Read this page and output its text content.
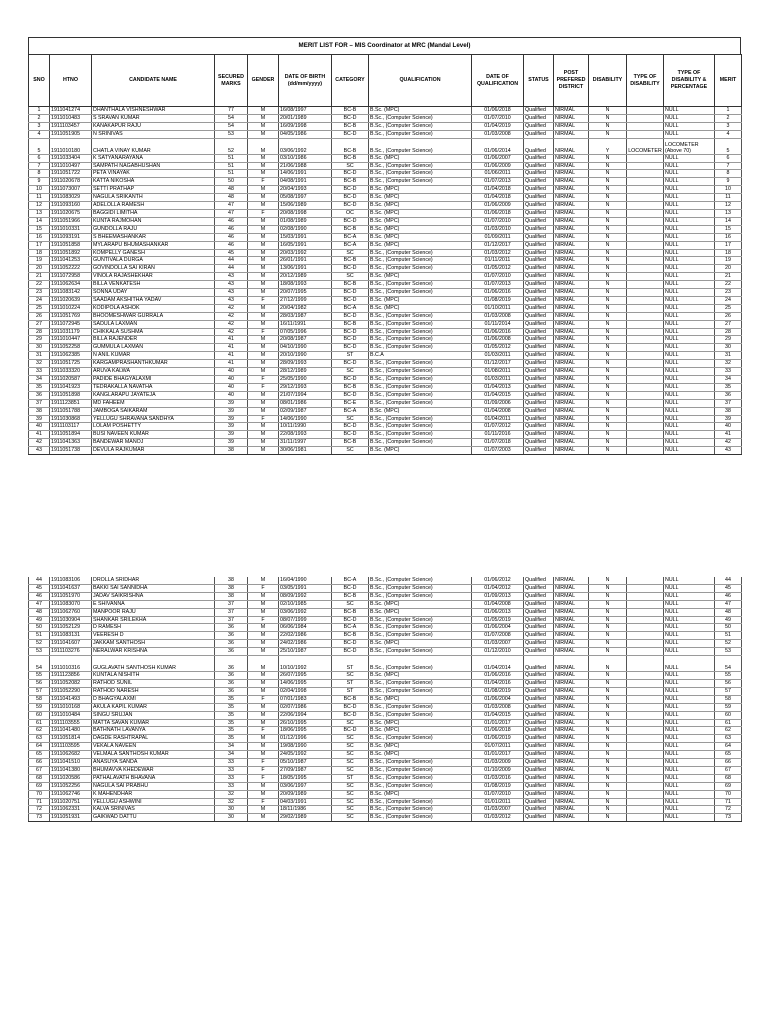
MERIT LIST FOR – MIS Coordinator at MRC (Mandal Level)
SNO	HTNO	CANDIDATE NAME	SECURED MARKS	GENDER	DATE OF BIRTH (dd/mm/yyyy)	CATEGORY	QUALIFICATION	DATE OF QUALIFICATION	STATUS	POST PREFERED DISTRICT	DISABILITY	TYPE OF DISABILITY	TYPE OF DISABILITY & PERCENTAGE	MERIT
1	1911041274	DHANTHALA VISHNESHWAR	77	M	16/08/1997	BC-B	B.Sc. (MPC)	01/06/2018	Qualified	NIRMAL	N		NULL	1
2	1911010483	S SRAVAN KUMAR	54	M	20/01/1989	BC-D	B.Sc., (Computer Science)	01/07/2010	Qualified	NIRMAL	N		NULL	2
3	1911103457	KANAKAPUR RAJU	54	M	16/09/1998	BC-B	B.Sc., (Computer Science)	01/04/2019	Qualified	NIRMAL	N		NULL	3
4	1911051905	N SRINIVAS	53	M	04/05/1986	BC-D	B.Sc., (Computer Science)	01/03/2008	Qualified	NIRMAL	N		NULL	4
5	1911010180	CHATLA VINAY KUMAR	52	M	03/06/1992	BC-B	B.Sc., (Computer Science)	01/06/2014	Qualified	NIRMAL	Y	LOCOMETER	LOCOMETER (Above 70)	5
6	1911033404	K SATYANARAYANA	51	M	03/10/1986	BC-B	B.Sc. (MPC)	01/06/2007	Qualified	NIRMAL	N		NULL	6
7	1911010497	SAMPATH NAGABHUSHAN	51	M	21/06/1988	SC	B.Sc., (Computer Science)	01/06/2009	Qualified	NIRMAL	N		NULL	7
8	1911051722	PETA VINAYAK	51	M	14/06/1991	BC-D	B.Sc., (Computer Science)	01/06/2011	Qualified	NIRMAL	N		NULL	8
9	1911020678	KATTA NIKOSHA	50	F	04/08/1991	BC-B	B.Sc., (Computer Science)	01/07/2013	Qualified	NIRMAL	N		NULL	9
10	1911073007	SETTI PRATHAP	48	M	20/04/1993	BC-D	B.Sc. (MPC)	01/04/2018	Qualified	NIRMAL	N		NULL	10
11	1911083029	NAGULA SRIKANTH	48	M	05/08/1997	BC-D	B.Sc. (MPC)	01/04/2018	Qualified	NIRMAL	N		NULL	11
12	1911093160	ADELOLLA RAMESH	47	M	15/06/1989	BC-D	B.Sc. (MPC)	01/06/2009	Qualified	NIRMAL	N		NULL	12
13	1911020675	BAGGIDI LIMITHA	47	F	20/08/1998	OC	B.Sc. (MPC)	01/06/2018	Qualified	NIRMAL	N		NULL	13
14	1911051966	KUNTA RAJMOHAN	46	M	01/08/1989	BC-D	B.Sc. (MPC)	01/07/2010	Qualified	NIRMAL	N		NULL	14
15	1911010331	GUNDOLLA RAJU	46	M	02/08/1990	BC-B	B.Sc. (MPC)	01/03/2010	Qualified	NIRMAL	N		NULL	15
16	1911093191	S BHEEMASHANKAR	46	M	15/03/1991	BC-A	B.Sc. (MPC)	01/09/2011	Qualified	NIRMAL	N		NULL	16
17	1911051858	MYLARAPU BHUMASHANKAR	46	M	16/05/1991	BC-A	B.Sc. (MPC)	01/12/2017	Qualified	NIRMAL	N		NULL	17
18	1911051892	KOMPELLY GANESH	45	M	20/03/1992	SC	B.Sc., (Computer Science)	01/03/2012	Qualified	NIRMAL	N		NULL	18
19	1911041253	GUNTIVALA DURGA	44	M	26/01/1991	BC-B	B.Sc., (Computer Science)	01/11/2011	Qualified	NIRMAL	N		NULL	19
20	1911052222	GOVINDOLLA SAI KIRAN	44	M	13/06/1991	BC-D	B.Sc., (Computer Science)	01/05/2012	Qualified	NIRMAL	N		NULL	20
21	1911072958	VINOLA RAJASHEKHAR	43	M	20/12/1989	SC	B.Sc. (MPC)	01/07/2010	Qualified	NIRMAL	N		NULL	21
22	1911062634	BILLA VENKATESH	43	M	18/08/1993	BC-B	B.Sc., (Computer Science)	01/07/2013	Qualified	NIRMAL	N		NULL	22
23	1911083142	SONNA UDAY	43	M	20/07/1995	BC-D	B.Sc., (Computer Science)	01/06/2016	Qualified	NIRMAL	N		NULL	23
24	1911020639	SAADAM AKSHITHA YADAV	43	F	27/12/1999	BC-D	B.Sc. (MPC)	01/08/2019	Qualified	NIRMAL	N		NULL	24
25	1911010224	KODIPOLA ASHOK	42	M	20/04/1982	BC-A	B.Sc. (MPC)	01/10/2011	Qualified	NIRMAL	N		NULL	25
26	1911051769	BHOOMESHWAR GURRALA	42	M	28/03/1987	BC-D	B.Sc., (Computer Science)	01/03/2008	Qualified	NIRMAL	N		NULL	26
27	1911072945	SADULA LAXMAN	42	M	16/11/1991	BC-B	B.Sc., (Computer Science)	01/11/2014	Qualified	NIRMAL	N		NULL	27
28	1911031179	CHIKKALA SUSHMA	42	F	07/05/1996	BC-D	B.Sc., (Computer Science)	01/06/2016	Qualified	NIRMAL	N		NULL	28
29	1911010447	BILLA RAJENDER	41	M	20/08/1987	BC-D	B.Sc., (Computer Science)	01/06/2008	Qualified	NIRMAL	N		NULL	29
30	1911052258	GUMMULA LAXMAN	41	M	04/10/1990	BC-D	B.Sc., (Computer Science)	01/05/2012	Qualified	NIRMAL	N		NULL	30
31	1911062385	N ANIL KUMAR	41	M	20/10/1990	ST	B.C.A	01/03/2011	Qualified	NIRMAL	N		NULL	31
32	1911051725	KARGAMPRASHANTHKUMAR	41	M	28/09/1993	BC-D	B.Sc., (Computer Science)	01/12/2017	Qualified	NIRMAL	N		NULL	32
33	1911033320	ARUVA KALWA	40	M	28/12/1989	SC	B.Sc., (Computer Science)	01/08/2011	Qualified	NIRMAL	N		NULL	33
34	1911020587	PADIDE BHAGYALAXMI	40	F	25/05/1990	BC-D	B.Sc., (Computer Science)	01/03/2011	Qualified	NIRMAL	N		NULL	34
35	1911041923	TEDRAKALLA NAVATHA	40	F	29/12/1993	BC-B	B.Sc., (Computer Science)	01/04/2013	Qualified	NIRMAL	N		NULL	35
36	1911051898	KANGLARAPU JAYATEJA	40	M	21/07/1994	BC-D	B.Sc., (Computer Science)	01/04/2015	Qualified	NIRMAL	N		NULL	36
37	1911123851	MD FAHEEM	39	M	08/01/1986	BC-E	B.Sc., (Computer Science)	01/09/2006	Qualified	NIRMAL	N		NULL	37
38	1911051788	JAMBOGA SAIKARAM	39	M	02/09/1987	BC-A	B.Sc. (MPC)	01/04/2008	Qualified	NIRMAL	N		NULL	38
39	1911030868	YELLUGU SHRAVANA SANDHYA	39	F	14/06/1990	SC	B.Sc., (Computer Science)	01/04/2011	Qualified	NIRMAL	N		NULL	39
40	1911103117	LOLAM POSHETTY	39	M	10/11/1990	BC-D	B.Sc., (Computer Science)	01/07/2012	Qualified	NIRMAL	N		NULL	40
41	1911051894	BUSI NAVEEN KUMAR	39	M	22/08/1993	BC-D	B.Sc., (Computer Science)	01/11/2016	Qualified	NIRMAL	N		NULL	41
42	1911041363	BANDEWAR MANOJ	39	M	31/11/1997	BC-B	B.Sc., (Computer Science)	01/07/2018	Qualified	NIRMAL	N		NULL	42
43	1911051738	DEVULA RAJKUMAR	38	M	30/06/1981	SC	B.Sc. (MPC)	01/07/2003	Qualified	NIRMAL	N		NULL	43
44	1911083106	DROLLA SRIDHAR	38	M	16/04/1990	BC-A	B.Sc., (Computer Science)	01/06/2012	Qualified	NIRMAL	N		NULL	44
45	1911041637	BAKKI SAI SANNIDHA	38	F	03/05/1991	BC-D	B.Sc., (Computer Science)	01/04/2012	Qualified	NIRMAL	N		NULL	45
46	1911051970	JADAV SAIKRISHNA	38	M	08/09/1992	BC-B	B.Sc., (Computer Science)	01/09/2013	Qualified	NIRMAL	N		NULL	46
47	1911083070	E SHIVANNA	37	M	02/10/1985	SC	B.Sc. (MPC)	01/04/2008	Qualified	NIRMAL	N		NULL	47
48	1911062760	MANPOOR RAJU	37	M	03/06/1992	BC-B	B.Sc. (MPC)	01/06/2013	Qualified	NIRMAL	N		NULL	48
49	1911030904	SHANKAR SRILEKHA	37	F	08/07/1999	BC-D	B.Sc., (Computer Science)	01/05/2019	Qualified	NIRMAL	N		NULL	49
50	1911052129	D RAMESH	36	M	06/06/1984	BC-A	B.Sc., (Computer Science)	01/06/2004	Qualified	NIRMAL	N		NULL	50
51	1911083131	VEERESH D	36	M	22/02/1986	BC-B	B.Sc., (Computer Science)	01/07/2008	Qualified	NIRMAL	N		NULL	51
52	1911041607	JAKKAM SANTHOSH	36	M	24/02/1986	BC-D	B.Sc. (MPC)	01/03/2007	Qualified	NIRMAL	N		NULL	52
53	1911103276	NERALWAR KRISHNA	36	M	25/10/1987	BC-D	B.Sc., (Computer Science)	01/12/2010	Qualified	NIRMAL	N		NULL	53
54	1911010316	GUGLAVATH SANTHOSH KUMAR	36	M	10/10/1992	ST	B.Sc., (Computer Science)	01/04/2014	Qualified	NIRMAL	N		NULL	54
55	1911123856	KUNTALA NISHITH	36	M	26/07/1995	SC	B.Sc. (MPC)	01/06/2016	Qualified	NIRMAL	N		NULL	55
56	1911052082	RATHOD SUNIL	36	M	14/06/1995	ST	B.Sc., (Computer Science)	01/04/2016	Qualified	NIRMAL	N		NULL	56
57	1911052290	RATHOD NARESH	36	M	02/04/1998	ST	B.Sc., (Computer Science)	01/08/2019	Qualified	NIRMAL	N		NULL	57
58	1911041493	D BHAGYALAXMI	35	F	07/01/1983	BC-B	B.Sc. (MPC)	01/06/2004	Qualified	NIRMAL	N		NULL	58
59	1911010168	AKULA KAPIL KUMAR	35	M	02/07/1986	BC-D	B.Sc., (Computer Science)	01/03/2008	Qualified	NIRMAL	N		NULL	59
60	1911010484	SINGU SRUJAN	35	M	22/06/1994	BC-D	B.Sc., (Computer Science)	01/04/2015	Qualified	NIRMAL	N		NULL	60
61	1911103555	MATTA SAVAN KUMAR	35	M	26/10/1995	SC	B.Sc. (MPC)	01/01/2017	Qualified	NIRMAL	N		NULL	61
62	1911041480	BATHNATH LAVANYA	35	F	18/06/1995	BC-D	B.Sc. (MPC)	01/06/2018	Qualified	NIRMAL	N		NULL	62
63	1911051814	DAGDE RASHTRAPAL	35	M	01/12/1996	SC	B.Sc., (Computer Science)	01/06/2019	Qualified	NIRMAL	N		NULL	63
64	1911103595	VEKALA NAVEEN	34	M	19/08/1990	SC	B.Sc. (MPC)	01/07/2011	Qualified	NIRMAL	N		NULL	64
65	1911062682	VELMALA SANTHOSH KUMAR	34	M	24/05/1992	SC	B.Sc. (MPC)	01/01/2017	Qualified	NIRMAL	N		NULL	65
66	1911041510	ANASUYA SANDA	33	F	05/10/1987	SC	B.Sc., (Computer Science)	01/03/2009	Qualified	NIRMAL	N		NULL	66
67	1911041380	BHUMAVVA KHEDEWAR	33	F	27/09/1987	SC	B.Sc., (Computer Science)	01/10/2009	Qualified	NIRMAL	N		NULL	67
68	1911020586	PATHALAVATH BHAVANA	33	F	18/05/1995	ST	B.Sc., (Computer Science)	01/03/2016	Qualified	NIRMAL	N		NULL	68
69	1911052256	NAGULA SAI PRABHU	33	M	03/06/1997	SC	B.Sc., (Computer Science)	01/08/2019	Qualified	NIRMAL	N		NULL	69
70	1911062746	K MAHENDHAR	32	M	20/09/1989	SC	B.Sc. (MPC)	01/07/2010	Qualified	NIRMAL	N		NULL	70
71	1911020751	YELLUGU ASHWINI	32	F	04/03/1991	SC	B.Sc., (Computer Science)	01/01/2011	Qualified	NIRMAL	N		NULL	71
72	1911062331	KALVA SRINIVAS	30	M	18/11/1986	SC	B.Sc., (Computer Science)	01/03/2007	Qualified	NIRMAL	N		NULL	72
73	1911051931	GAIKWAD DATTU	30	M	29/02/1989	SC	B.Sc., (Computer Science)	01/03/2012	Qualified	NIRMAL	N		NULL	73
